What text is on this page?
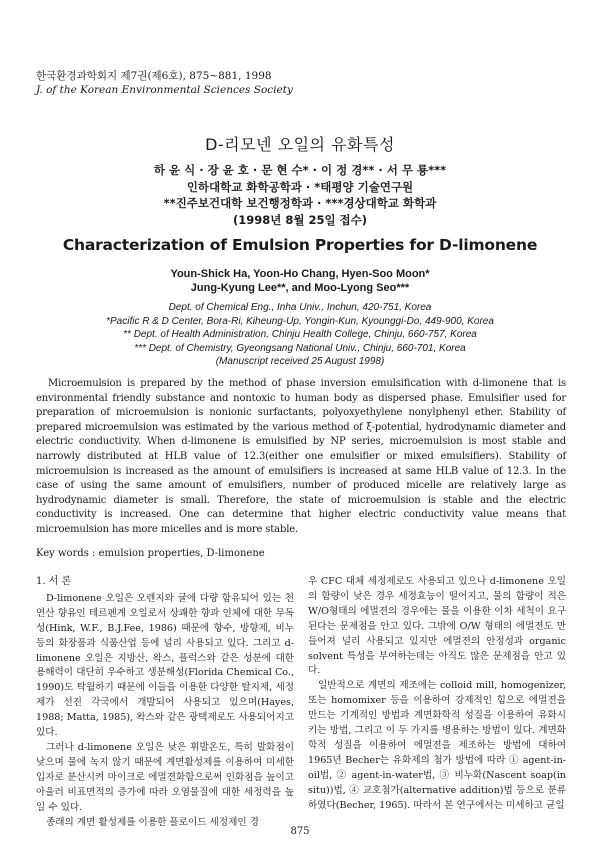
한국환경과학회지 제7권(제6호), 875~881, 1998
J. of the Korean Environmental Sciences Society
D-리모넨 오일의 유화특성
하 윤 식 · 장 윤 호 · 문 현 수* · 이 정 경** · 서 무 룡***
인하대학교 화학공학과 · *태평양 기술연구원
**진주보건대학 보건행정학과 · ***경상대학교 화학과
(1998년 8월 25일 접수)
Characterization of Emulsion Properties for D-limonene
Youn-Shick Ha, Yoon-Ho Chang, Hyen-Soo Moon*
Jung-Kyung Lee**, and Moo-Lyong Seo***
Dept. of Chemical Eng., Inha Univ., Inchun, 420-751, Korea
*Pacific R & D Center, Bora-Ri, Kiheung-Up, Yongin-Kun, Kyounggi-Do, 449-900, Korea
** Dept. of Health Administration, Chinju Health College, Chinju, 660-757, Korea
*** Dept. of Chemistry, Gyeongsang National Univ., Chinju, 660-701, Korea
(Manuscript received 25 August 1998)
Microemulsion is prepared by the method of phase inversion emulsification with d-limonene that is environmental friendly substance and nontoxic to human body as dispersed phase. Emulsifier used for preparation of microemulsion is nonionic surfactants, polyoxyethylene nonylphenyl ether. Stability of prepared microemulsion was estimated by the various method of ξ-potential, hydrodynamic diameter and electric conductivity. When d-limonene is emulsified by NP series, microemulsion is most stable and narrowly distributed at HLB value of 12.3(either one emulsifier or mixed emulsifiers). Stability of microemulsion is increased as the amount of emulsifiers is increased at same HLB value of 12.3. In the case of using the same amount of emulsifiers, number of produced micelle are relatively large as hydrodynamic diameter is small. Therefore, the state of microemulsion is stable and the electric conductivity is increased. One can determine that higher electric conductivity value means that microemulsion has more micelles and is more stable.
Key words : emulsion properties, D-limonene
1. 서 론

D-limonene 오일은 오렌지와 귤에 다량 함유되어 있는 천연산 향유인 테르펜계 오일로서 상쾌한 향과 인체에 대한 무독성(Hink, W.F., B.J.Fee, 1986) 때문에 향수, 방향제, 비누 등의 화장품과 식품산업 등에 널리 사용되고 있다. 그리고 d-limonene 오일은 지방산, 왁스, 플럭스와 같은 성분에 대한 용해력이 대단히 우수하고 생분해성(Florida Chemical Co., 1990)도 탁월하기 때문에 이들을 이용한 다양한 탈지제, 세정제가 선진 각국에서 개발되어 사용되고 있으며(Hayes, 1988; Matta, 1985), 왁스와 같은 광택제로도 사용되어지고 있다.

그러나 d-limonene 오일은 낮은 휘발온도, 특히 발화점이 낮으며 물에 녹지 않기 때문에 계면활성제를 이용하여 미세한 입자로 분산시켜 마이크로 에멀젼화함으로써 인화점을 높이고 아울러 비표면적의 증가에 따라 오염물질에 대한 세정력을 높일 수 있다.

종래의 계면 활성제를 이용한 플로이드 세정제인 경

우 CFC 대체 세정제로도 사용되고 있으나 d-limonene 오일의 함량이 낮은 경우 세정효능이 떨어지고, 물의 함량이 적은 W/O형태의 에멀젼의 경우에는 물을 이용한 이차 세척이 요구된다는 문제점을 안고 있다. 그밖에 O/W 형태의 에멀젼도 만들어져 널리 사용되고 있지만 에멀젼의 안정성과 organic solvent 특성을 부여하는데는 아직도 많은 문제점을 안고 있다.

일반적으로 계면의 제조에는 colloid mill, homogenizer, 또는 homomixer 등을 이용하여 강제적인 힘으로 에멀젼을 만드는 기계적인 방법과 계면화학적 성질을 이용하여 유화시키는 방법, 그리고 이 두 가지를 병용하는 방법이 있다. 계면화학적 성질을 이용하여 에멀젼을 제조하는 방법에 대하여 1965년 Becher는 유화제의 첨가 방법에 따라 ① agent-in-oil법, ② agent-in-water법, ③ 비누화(Nascent soap(in situ))법, ④ 교호첨가(alternative addition)법 등으로 분류하였다(Becher, 1965). 따라서 본 연구에서는 미세하고 균일

875
